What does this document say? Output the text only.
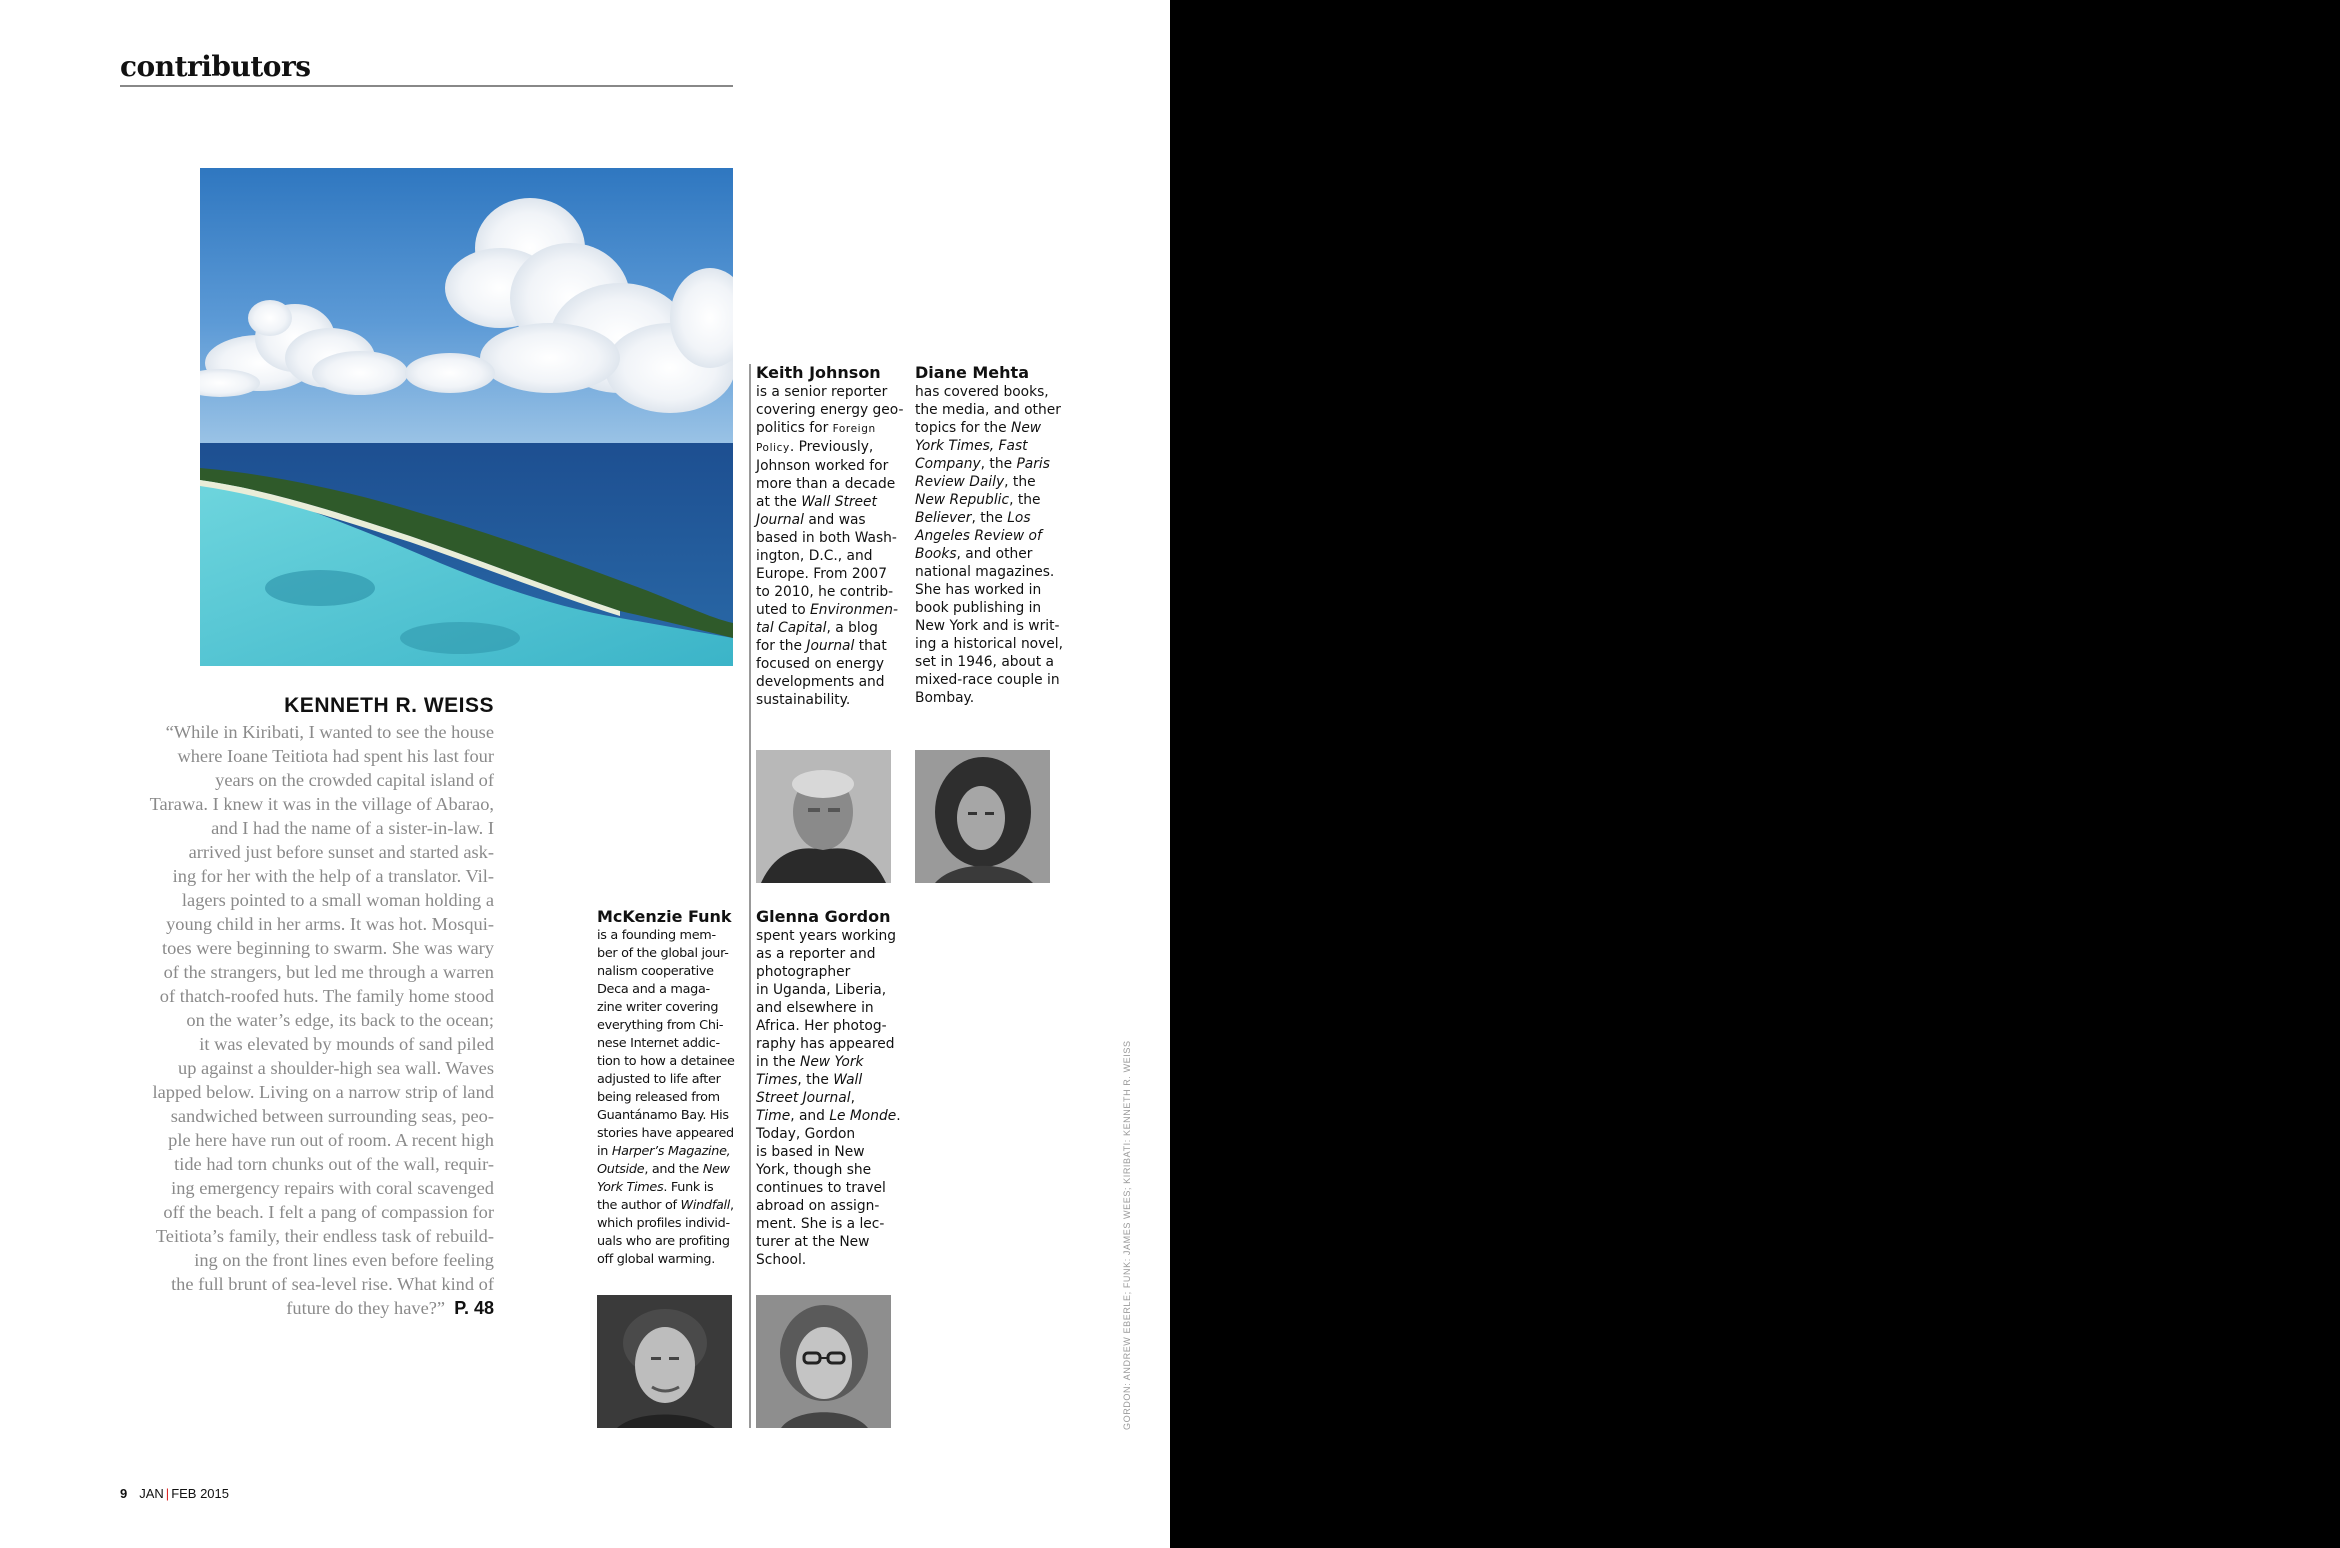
contributors
KENNETH R. WEISS
“While in Kiribati, I wanted to see the house
where Ioane Teitiota had spent his last four
years on the crowded capital island of
Tarawa. I knew it was in the village of Abarao,
and I had the name of a sister-in-law. I
arrived just before sunset and started ask-
ing for her with the help of a translator. Vil-
lagers pointed to a small woman holding a
young child in her arms. It was hot. Mosqui-
toes were beginning to swarm. She was wary
of the strangers, but led me through a warren
of thatch-roofed huts. The family home stood
on the water’s edge, its back to the ocean;
it was elevated by mounds of sand piled
up against a shoulder-high sea wall. Waves
lapped below. Living on a narrow strip of land
sandwiched between surrounding seas, peo-
ple here have run out of room. A recent high
tide had torn chunks out of the wall, requir-
ing emergency repairs with coral scavenged
off the beach. I felt a pang of compassion for
Teitiota’s family, their endless task of rebuild-
ing on the front lines even before feeling
the full brunt of sea-level rise. What kind of
future do they have?” P. 48
Keith Johnson
is a senior reporter
covering energy geo-
politics for Foreign
Policy. Previously,
Johnson worked for
more than a decade
at the Wall Street
Journal and was
based in both Wash-
ington, D.C., and
Europe. From 2007
to 2010, he contrib-
uted to Environmen-
tal Capital, a blog
for the Journal that
focused on energy
developments and
sustainability.
Diane Mehta
has covered books,
the media, and other
topics for the New
York Times, Fast
Company, the Paris
Review Daily, the
New Republic, the
Believer, the Los
Angeles Review of
Books, and other
national magazines.
She has worked in
book publishing in
New York and is writ-
ing a historical novel,
set in 1946, about a
mixed-race couple in
Bombay.
McKenzie Funk
is a founding mem-
ber of the global jour-
nalism cooperative
Deca and a maga-
zine writer covering
everything from Chi-
nese Internet addic-
tion to how a detainee
adjusted to life after
being released from
Guantánamo Bay. His
stories have appeared
in Harper’s Magazine,
Outside, and the New
York Times. Funk is
the author of Windfall,
which profiles individ-
uals who are profiting
off global warming.
Glenna Gordon
spent years working
as a reporter and
photographer
in Uganda, Liberia,
and elsewhere in
Africa. Her photog-
raphy has appeared
in the New York
Times, the Wall
Street Journal,
Time, and Le Monde.
Today, Gordon
is based in New
York, though she
continues to travel
abroad on assign-
ment. She is a lec-
turer at the New
School.	GORDON: ANDREW EBERLE; FUNK: JAMES WEES; KIRIBATI: KENNETH R. WEISS
9 JAN | FEB 2015
